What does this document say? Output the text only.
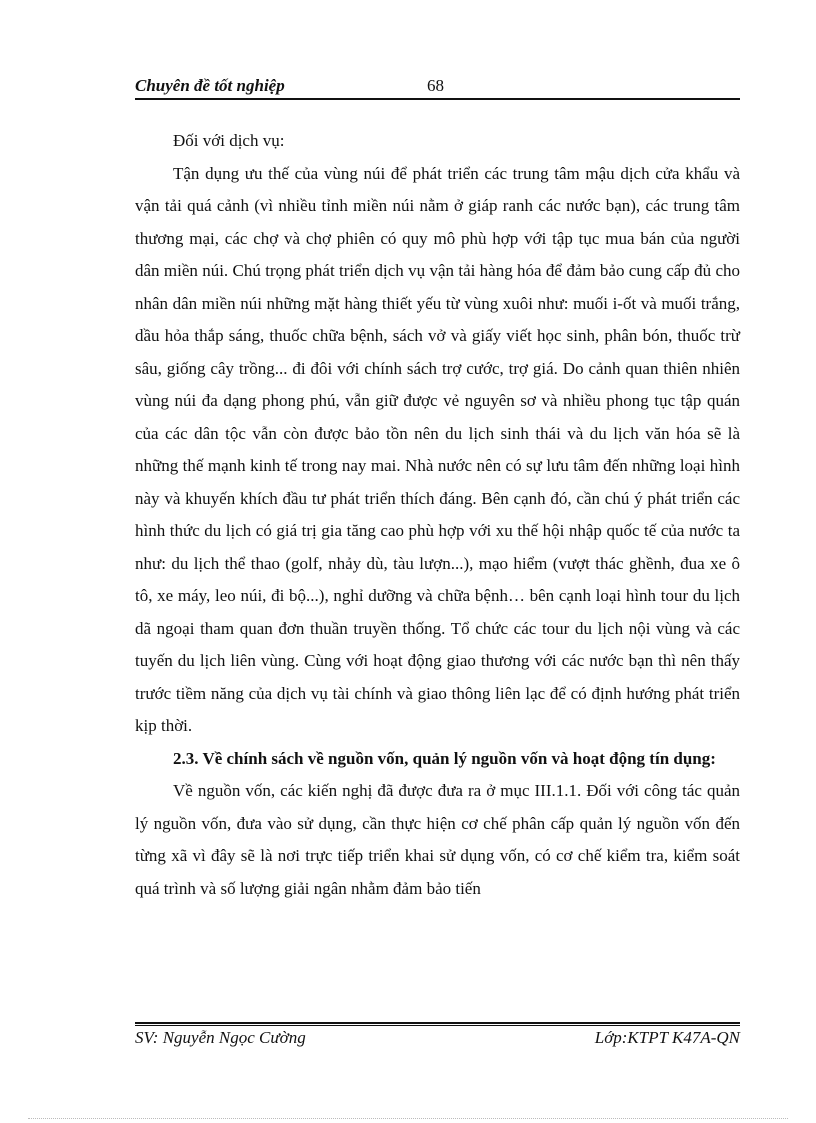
Chuyên đề tốt nghiệp	68

Đối với dịch vụ:

Tận dụng ưu thế của vùng núi để phát triển các trung tâm mậu dịch cửa khẩu và vận tải quá cảnh (vì nhiều tỉnh miền núi nằm ở giáp ranh các nước bạn), các trung tâm thương mại, các chợ và chợ phiên có quy mô phù hợp với tập tục mua bán của người dân miền núi. Chú trọng phát triển dịch vụ vận tải hàng hóa để đảm bảo cung cấp đủ cho nhân dân miền núi những mặt hàng thiết yếu từ vùng xuôi như: muối i-ốt và muối trắng, dầu hỏa thắp sáng, thuốc chữa bệnh, sách vở và giấy viết học sinh, phân bón, thuốc trừ sâu, giống cây trồng... đi đôi với chính sách trợ cước, trợ giá. Do cảnh quan thiên nhiên vùng núi đa dạng phong phú, vẫn giữ được vẻ nguyên sơ và nhiều phong tục tập quán của các dân tộc vẫn còn được bảo tồn nên du lịch sinh thái và du lịch văn hóa sẽ là những thế mạnh kinh tế trong nay mai. Nhà nước nên có sự lưu tâm đến những loại hình này và khuyến khích đầu tư phát triển thích đáng. Bên cạnh đó, cần chú ý phát triển các hình thức du lịch có giá trị gia tăng cao phù hợp với xu thế hội nhập quốc tế của nước ta như: du lịch thể thao (golf, nhảy dù, tàu lượn...), mạo hiểm (vượt thác ghềnh, đua xe ô tô, xe máy, leo núi, đi bộ...), nghỉ dưỡng và chữa bệnh… bên cạnh loại hình tour du lịch dã ngoại tham quan đơn thuần truyền thống. Tổ chức các tour du lịch nội vùng và các tuyến du lịch liên vùng. Cùng với hoạt động giao thương với các nước bạn thì nên thấy trước tiềm năng của dịch vụ tài chính và giao thông liên lạc để có định hướng phát triển kịp thời.

2.3. Về chính sách về nguồn vốn, quản lý nguồn vốn và hoạt động tín dụng:

Về nguồn vốn, các kiến nghị đã được đưa ra ở mục III.1.1. Đối với công tác quản lý nguồn vốn, đưa vào sử dụng, cần thực hiện cơ chế phân cấp quản lý nguồn vốn đến từng xã vì đây sẽ là nơi trực tiếp triển khai sử dụng vốn, có cơ chế kiểm tra, kiểm soát quá trình và số lượng giải ngân nhằm đảm bảo tiến

SV: Nguyễn Ngọc Cường	Lớp:KTPT K47A-QN
